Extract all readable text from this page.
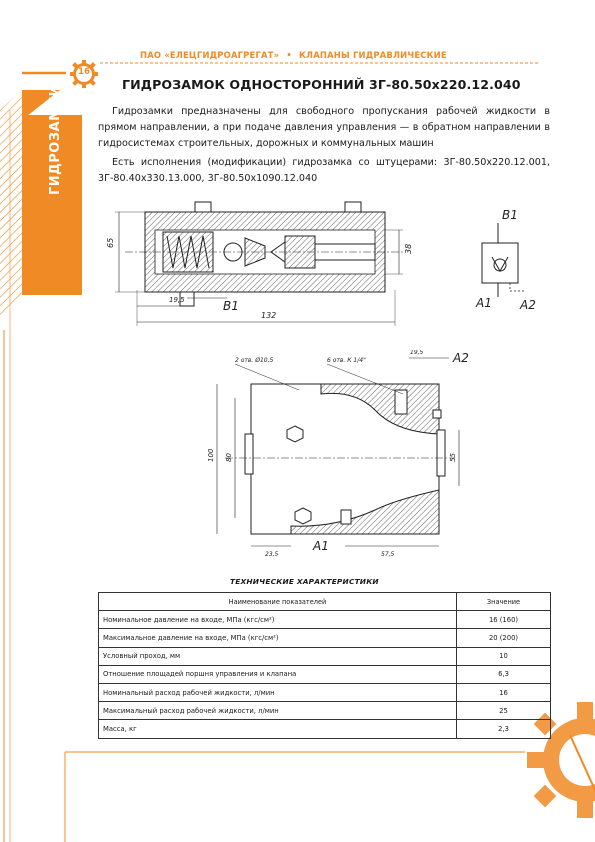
16
ПАО «ЕЛЕЦГИДРОАГРЕГАТ» • КЛАПАНЫ ГИДРАВЛИЧЕСКИЕ
ГИДРОЗАМКИ
ГИДРОЗАМОК ОДНОСТОРОННИЙ 3Г-80.50х220.12.040
Гидрозамки предназначены для свободного пропускания рабочей жидкости в прямом направлении, а при подаче давления управления — в обратном направлении в гидросистемах строительных, дорожных и коммунальных машин
Есть исполнения (модификации) гидрозамка со штуцерами: 3Г-80.50х220.12.001, 3Г-80.40х330.13.000, 3Г-80.50х1090.12.040
65
38
19,5
132
В1
В1
А1 А2
2 отв. Ø10,5	6 отв. К 1/4"
19,5 А2
100 80	55
23,5	57,5
А1
ТЕХНИЧЕСКИЕ ХАРАКТЕРИСТИКИ
Наименование показателей	Значение
Номинальное давление на входе, МПа (кгс/см²)	16 (160)
Максимальное давление на входе, МПа (кгс/см²)	20 (200)
Условный проход, мм	10
Отношение площадей поршня управления и клапана	6,3
Номинальный расход рабочей жидкости, л/мин	16
Максимальный расход рабочей жидкости, л/мин	25
Масса, кг	2,3
